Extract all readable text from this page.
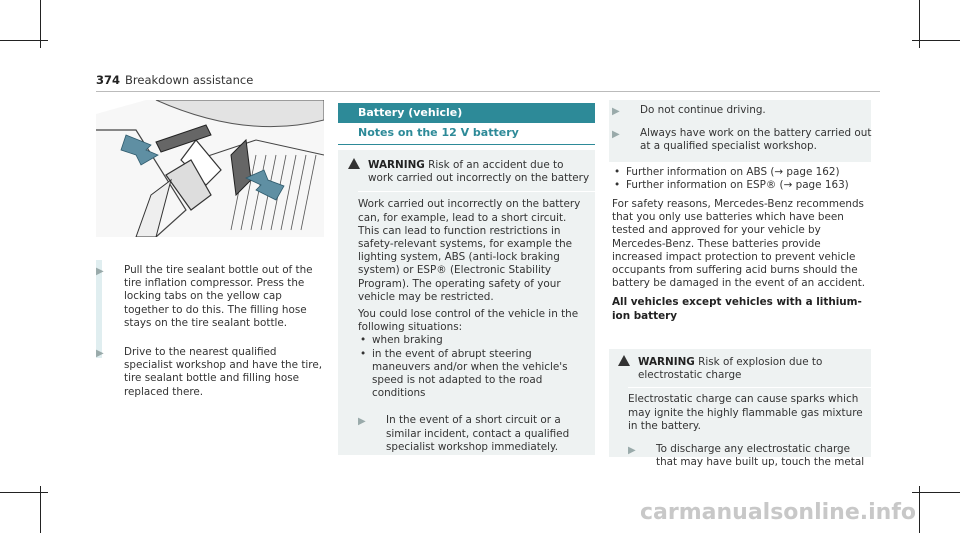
374 Breakdown assistance

▶ Pull the tire sealant bottle out of the tire inflation compressor. Press the locking tabs on the yellow cap together to do this. The filling hose stays on the tire sealant bottle.

▶ Drive to the nearest qualified specialist workshop and have the tire, tire sealant bottle and filling hose replaced there.

Battery (vehicle)
Notes on the 12 V battery

!WARNING Risk of an accident due to work carried out incorrectly on the battery

Work carried out incorrectly on the battery can, for example, lead to a short circuit. This can lead to function restrictions in safety-relevant systems, for example the lighting system, ABS (anti-lock braking system) or ESP® (Electronic Stability Program). The operating safety of your vehicle may be restricted.

You could lose control of the vehicle in the following situations:

• when braking
• in the event of abrupt steering maneuvers and/or when the vehicle's speed is not adapted to the road conditions

▶ In the event of a short circuit or a similar incident, contact a qualified specialist workshop immediately.

▶ Do not continue driving.

▶ Always have work on the battery carried out at a qualified specialist workshop.

• Further information on ABS (→ page 162)
• Further information on ESP® (→ page 163)

For safety reasons, Mercedes-Benz recommends that you only use batteries which have been tested and approved for your vehicle by Mercedes-Benz. These batteries provide increased impact protection to prevent vehicle occupants from suffering acid burns should the battery be damaged in the event of an accident.

All vehicles except vehicles with a lithium-ion battery

!WARNING Risk of explosion due to electrostatic charge

Electrostatic charge can cause sparks which may ignite the highly flammable gas mixture in the battery.

▶ To discharge any electrostatic charge that may have built up, touch the metal

carmanualsonline.info
